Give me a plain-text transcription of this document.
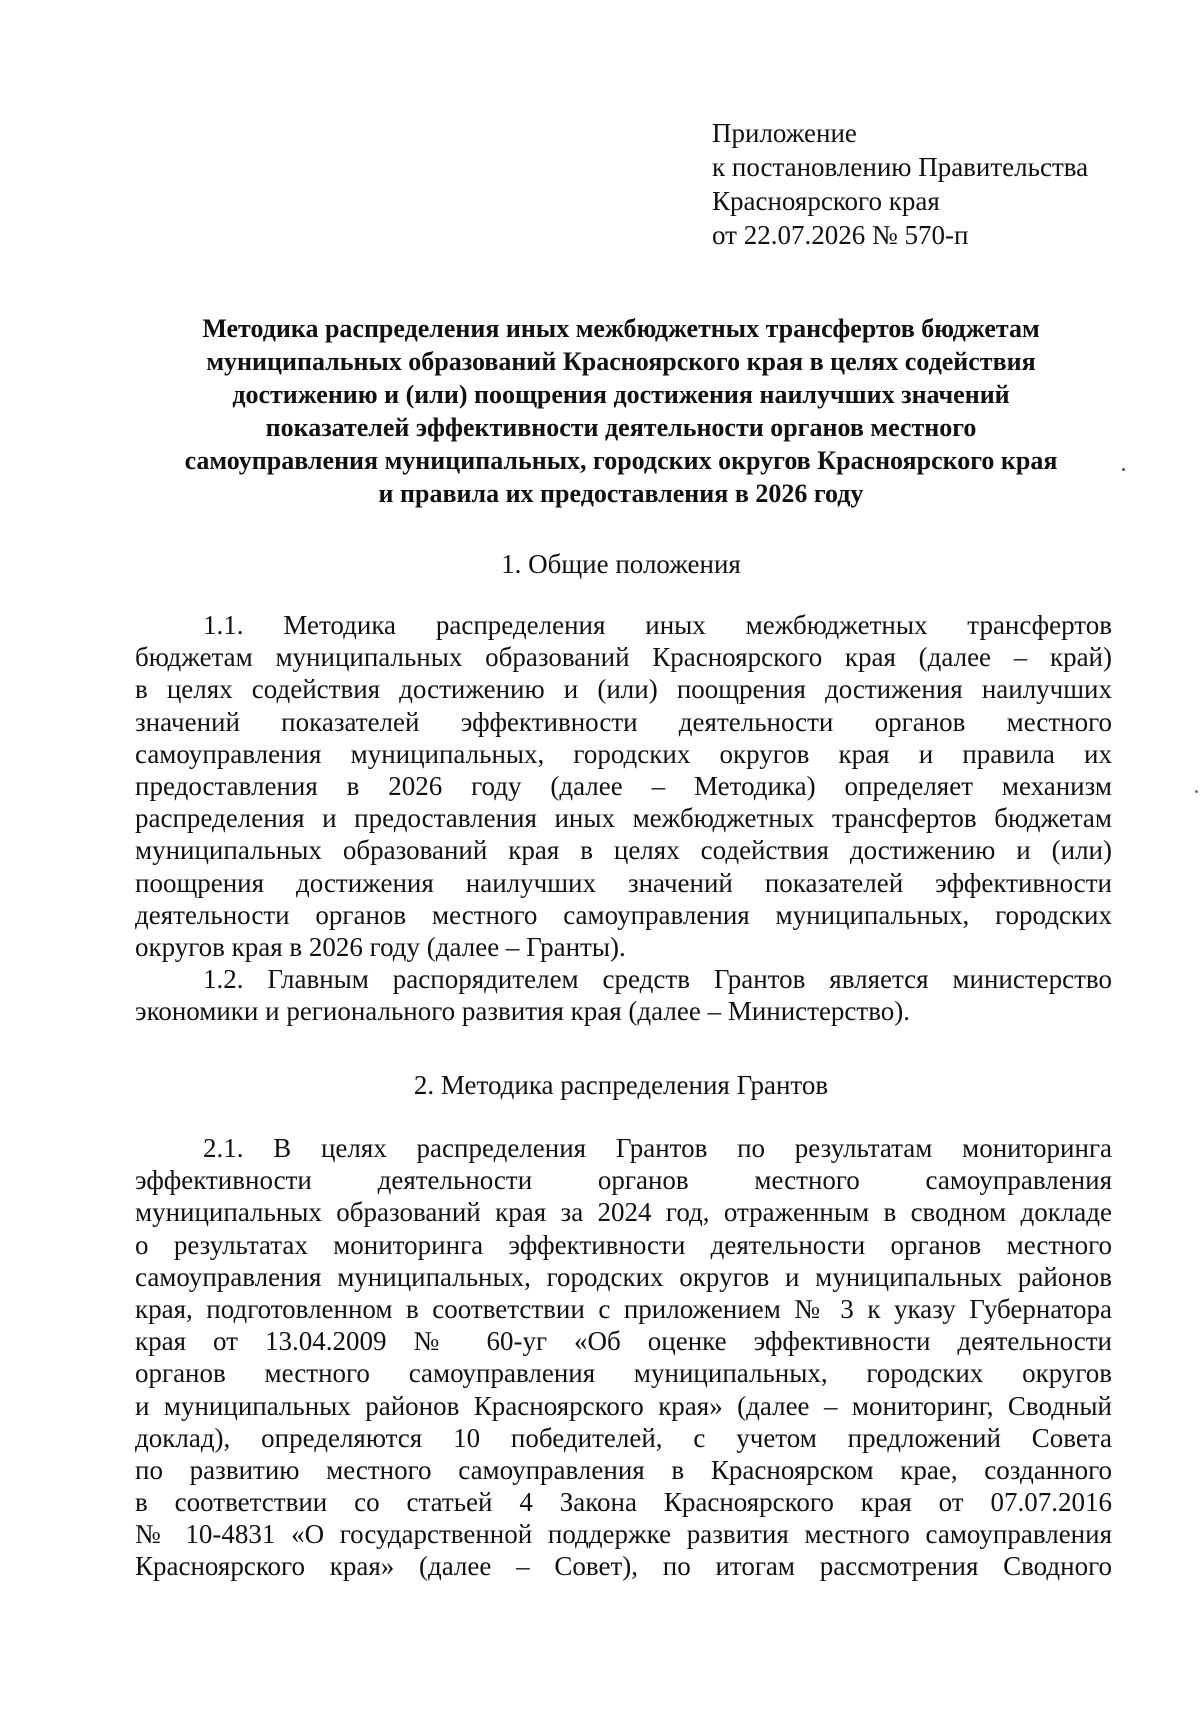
Приложение
к постановлению Правительства
Красноярского края
от 22.07.2026 № 570-п
Методика распределения иных межбюджетных трансфертов бюджетам
муниципальных образований Красноярского края в целях содействия
достижению и (или) поощрения достижения наилучших значений
показателей эффективности деятельности органов местного
самоуправления муниципальных, городских округов Красноярского края
и правила их предоставления в 2026 году
1. Общие положения
1.1. Методика распределения иных межбюджетных трансфертов
бюджетам муниципальных образований Красноярского края (далее – край)
в целях содействия достижению и (или) поощрения достижения наилучших
значений показателей эффективности деятельности органов местного
самоуправления муниципальных, городских округов края и правила их
предоставления в 2026 году (далее – Методика) определяет механизм
распределения и предоставления иных межбюджетных трансфертов бюджетам
муниципальных образований края в целях содействия достижению и (или)
поощрения достижения наилучших значений показателей эффективности
деятельности органов местного самоуправления муниципальных, городских
округов края в 2026 году (далее – Гранты).
1.2. Главным распорядителем средств Грантов является министерство
экономики и регионального развития края (далее – Министерство).
2. Методика распределения Грантов
2.1. В целях распределения Грантов по результатам мониторинга
эффективности деятельности органов местного самоуправления
муниципальных образований края за 2024 год, отраженным в сводном докладе
о результатах мониторинга эффективности деятельности органов местного
самоуправления муниципальных, городских округов и муниципальных районов
края, подготовленном в соответствии с приложением № 3 к указу Губернатора
края от 13.04.2009 № 60-уг «Об оценке эффективности деятельности
органов местного самоуправления муниципальных, городских округов
и муниципальных районов Красноярского края» (далее – мониторинг, Сводный
доклад), определяются 10 победителей, с учетом предложений Совета
по развитию местного самоуправления в Красноярском крае, созданного
в соответствии со статьей 4 Закона Красноярского края от 07.07.2016
№ 10-4831 «О государственной поддержке развития местного самоуправления
Красноярского края» (далее – Совет), по итогам рассмотрения Сводного
